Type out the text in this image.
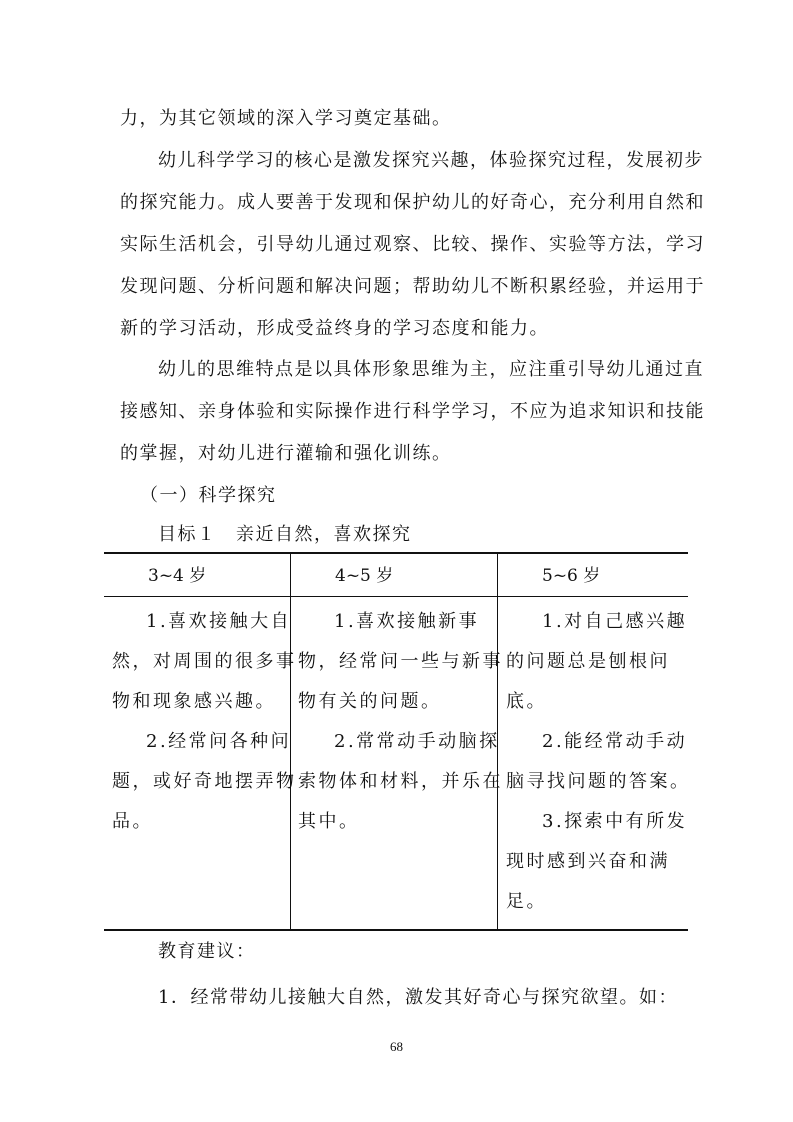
力，为其它领域的深入学习奠定基础。
幼儿科学学习的核心是激发探究兴趣，体验探究过程，发展初步
的探究能力。成人要善于发现和保护幼儿的好奇心，充分利用自然和
实际生活机会，引导幼儿通过观察、比较、操作、实验等方法，学习
发现问题、分析问题和解决问题；帮助幼儿不断积累经验，并运用于
新的学习活动，形成受益终身的学习态度和能力。
幼儿的思维特点是以具体形象思维为主，应注重引导幼儿通过直
接感知、亲身体验和实际操作进行科学学习，不应为追求知识和技能
的掌握，对幼儿进行灌输和强化训练。
（一）科学探究
目标１　亲近自然，喜欢探究
3~4 岁	4~5 岁	5~6 岁
1.喜欢接触大自
然，对周围的很多事
物和现象感兴趣。
2.经常问各种问
题，或好奇地摆弄物
品。
1.喜欢接触新事
物，经常问一些与新事
物有关的问题。
2.常常动手动脑探
索物体和材料，并乐在
其中。
1.对自己感兴趣
的问题总是刨根问
底。
2.能经常动手动
脑寻找问题的答案。
3.探索中有所发
现时感到兴奋和满
足。
教育建议：
1．经常带幼儿接触大自然，激发其好奇心与探究欲望。如：
68
